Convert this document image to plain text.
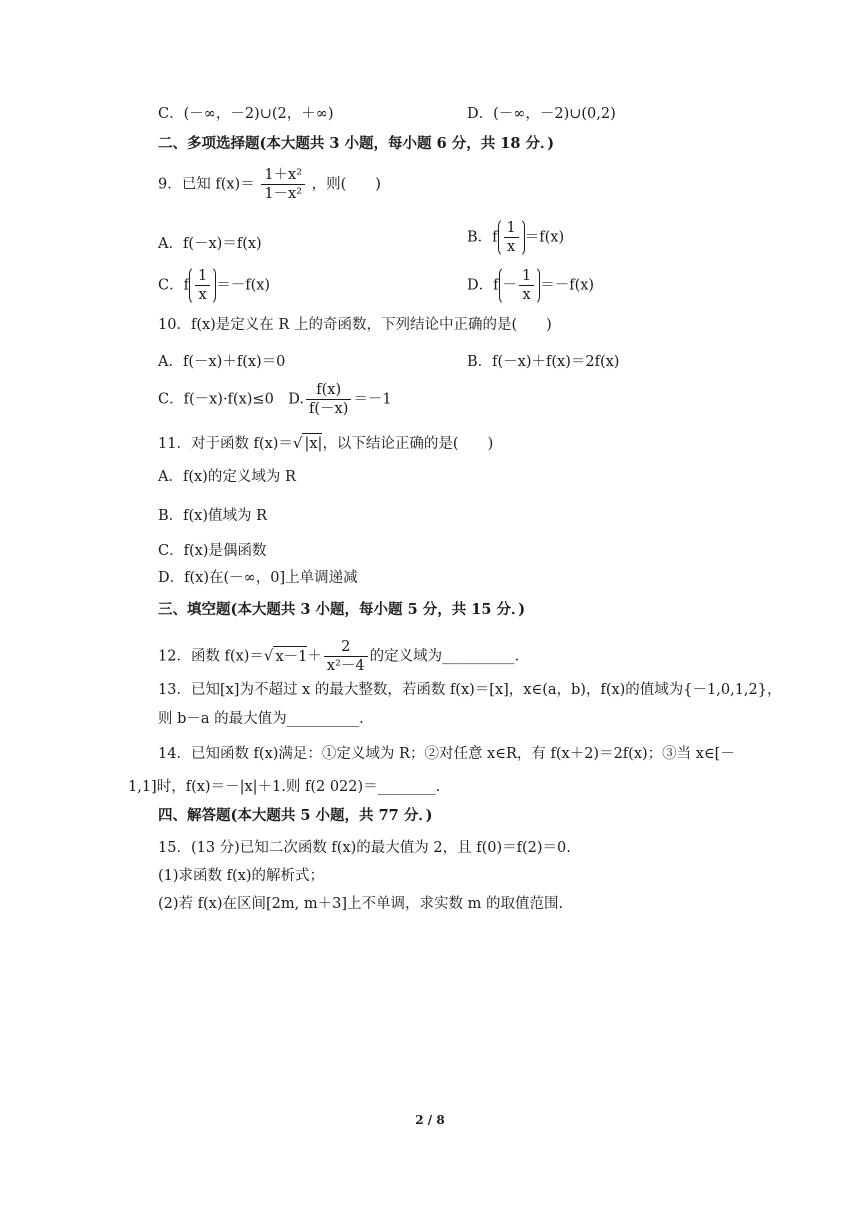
C．(－∞，－2)∪(2，＋∞)	D．(－∞，－2)∪(0,2)
二、多项选择题(本大题共 3 小题，每小题 6 分，共 18 分．)
9．已知 $f(x)= \frac{\text{1＋x²}}{\text{1－x²}}$ ，则(　　)
A．f(－x)＝f(x)	B．f $\frac{1}{x} =f(x)$
C．f $\frac{1}{x} =-f(x)$	D．$f - \frac{1}{x} =-f(x)$
10．f(x)是定义在 R 上的奇函数，下列结论中正确的是(　　)
A．f(－x)＋f(x)＝0	B．f(－x)＋f(x)＝2f(x)
C．f(－x)·f(x)≤0　D. $\frac{f(x)}{f(-x)} =-1$
11．对于函数 f(x)＝√ |x|，以下结论正确的是(　　)
A．f(x)的定义域为 R
B．f(x)值域为 R
C．f(x)是偶函数
D．f(x)在(－∞，0]上单调递减
三、填空题(本大题共 3 小题，每小题 5 分，共 15 分．)
12．函数 f(x)＝√ $x-1+ \frac{2}{\text{x²－4}}$ 的定义域为__________.
13．已知[x]为不超过 x 的最大整数，若函数 f(x)＝[x]，x∈(a，b)，f(x)的值域为{－1,0,1,2}，
则 b－a 的最大值为__________.
14．已知函数 f(x)满足：①定义域为 R；②对任意 x∈R，有 f(x＋2)＝2f(x)；③当 x∈[－
1,1]时，f(x)＝－|x|＋1.则 f(2 022)＝________.
四、解答题(本大题共 5 小题，共 77 分．)
15．(13 分)已知二次函数 f(x)的最大值为 2，且 f(0)＝f(2)＝0.
(1)求函数 f(x)的解析式；
(2)若 f(x)在区间[2m, m＋3]上不单调，求实数 m 的取值范围.
2 / 8
